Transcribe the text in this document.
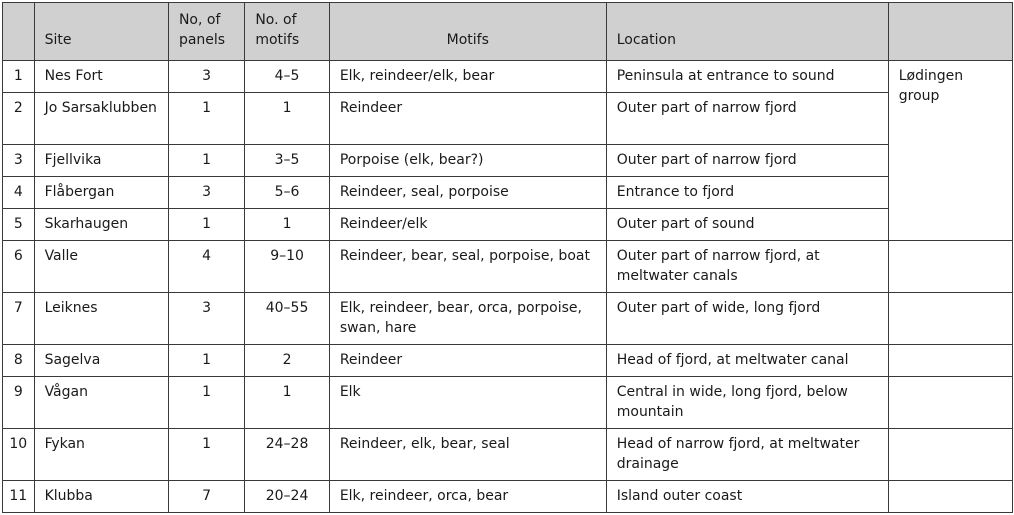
	Site	No, of panels	No. of motifs	Motifs	Location	
1	Nes Fort	3	4–5	Elk, reindeer/elk, bear	Peninsula at entrance to sound	Lødingen group
2	Jo Sarsaklubben	1	1	Reindeer	Outer part of narrow fjord	
3	Fjellvika	1	3–5	Porpoise (elk, bear?)	Outer part of narrow fjord	
4	Flåbergan	3	5–6	Reindeer, seal, porpoise	Entrance to fjord	
5	Skarhaugen	1	1	Reindeer/elk	Outer part of sound	
6	Valle	4	9–10	Reindeer, bear, seal, porpoise, boat	Outer part of narrow fjord, at meltwater canals	
7	Leiknes	3	40–55	Elk, reindeer, bear, orca, porpoise, swan, hare	Outer part of wide, long fjord	
8	Sagelva	1	2	Reindeer	Head of fjord, at meltwater canal	
9	Vågan	1	1	Elk	Central in wide, long fjord, below mountain	
10	Fykan	1	24–28	Reindeer, elk, bear, seal	Head of narrow fjord, at meltwater drainage	
11	Klubba	7	20–24	Elk, reindeer, orca, bear	Island outer coast	
